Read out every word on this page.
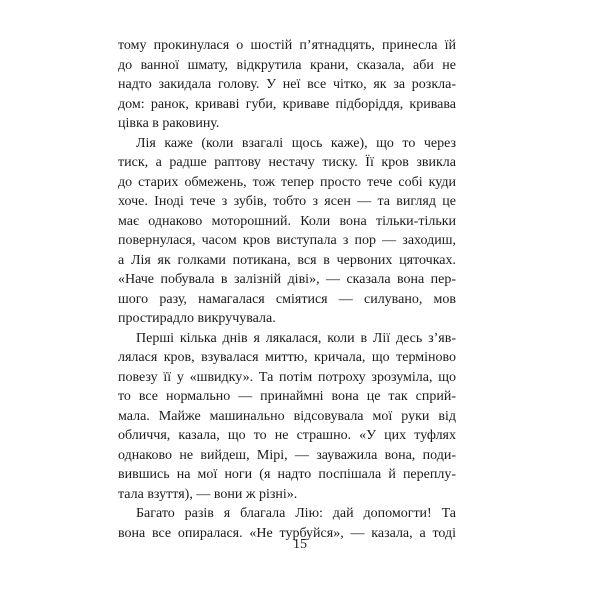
тому прокинулася о шостій п’ятнадцять, принесла їй
до ванної шмату, відкрутила крани, сказала, аби не
надто закидала голову. У неї все чітко, як за розкла-
дом: ранок, криваві губи, криваве підборіддя, кривава
цівка в раковину.
Лія каже (коли взагалі щось каже), що то через
тиск, а радше раптову нестачу тиску. Її кров звикла
до старих обмежень, тож тепер просто тече собі куди
хоче. Іноді тече з зубів, тобто з ясен — та вигляд це
має однаково моторошний. Коли вона тільки-тільки
повернулася, часом кров виступала з пор — заходиш,
а Лія як голками потикана, вся в червоних цяточках.
«Наче побувала в залізній діві», — сказала вона пер-
шого разу, намагалася сміятися — силувано, мов
простирадло викручувала.
Перші кілька днів я лякалася, коли в Лії десь з’яв-
лялася кров, взувалася миттю, кричала, що терміново
повезу її у «швидку». Та потім потроху зрозуміла, що
то все нормально — принаймні вона це так сприй-
мала. Майже машинально відсовувала мої руки від
обличчя, казала, що то не страшно. «У цих туфлях
однаково не вийдеш, Мірі, — зауважила вона, поди-
вившись на мої ноги (я надто поспішала й переплу-
тала взуття), — вони ж різні».
Багато разів я благала Лію: дай допомогти! Та
вона все опиралася. «Не турбуйся», — казала, а тоді
15
